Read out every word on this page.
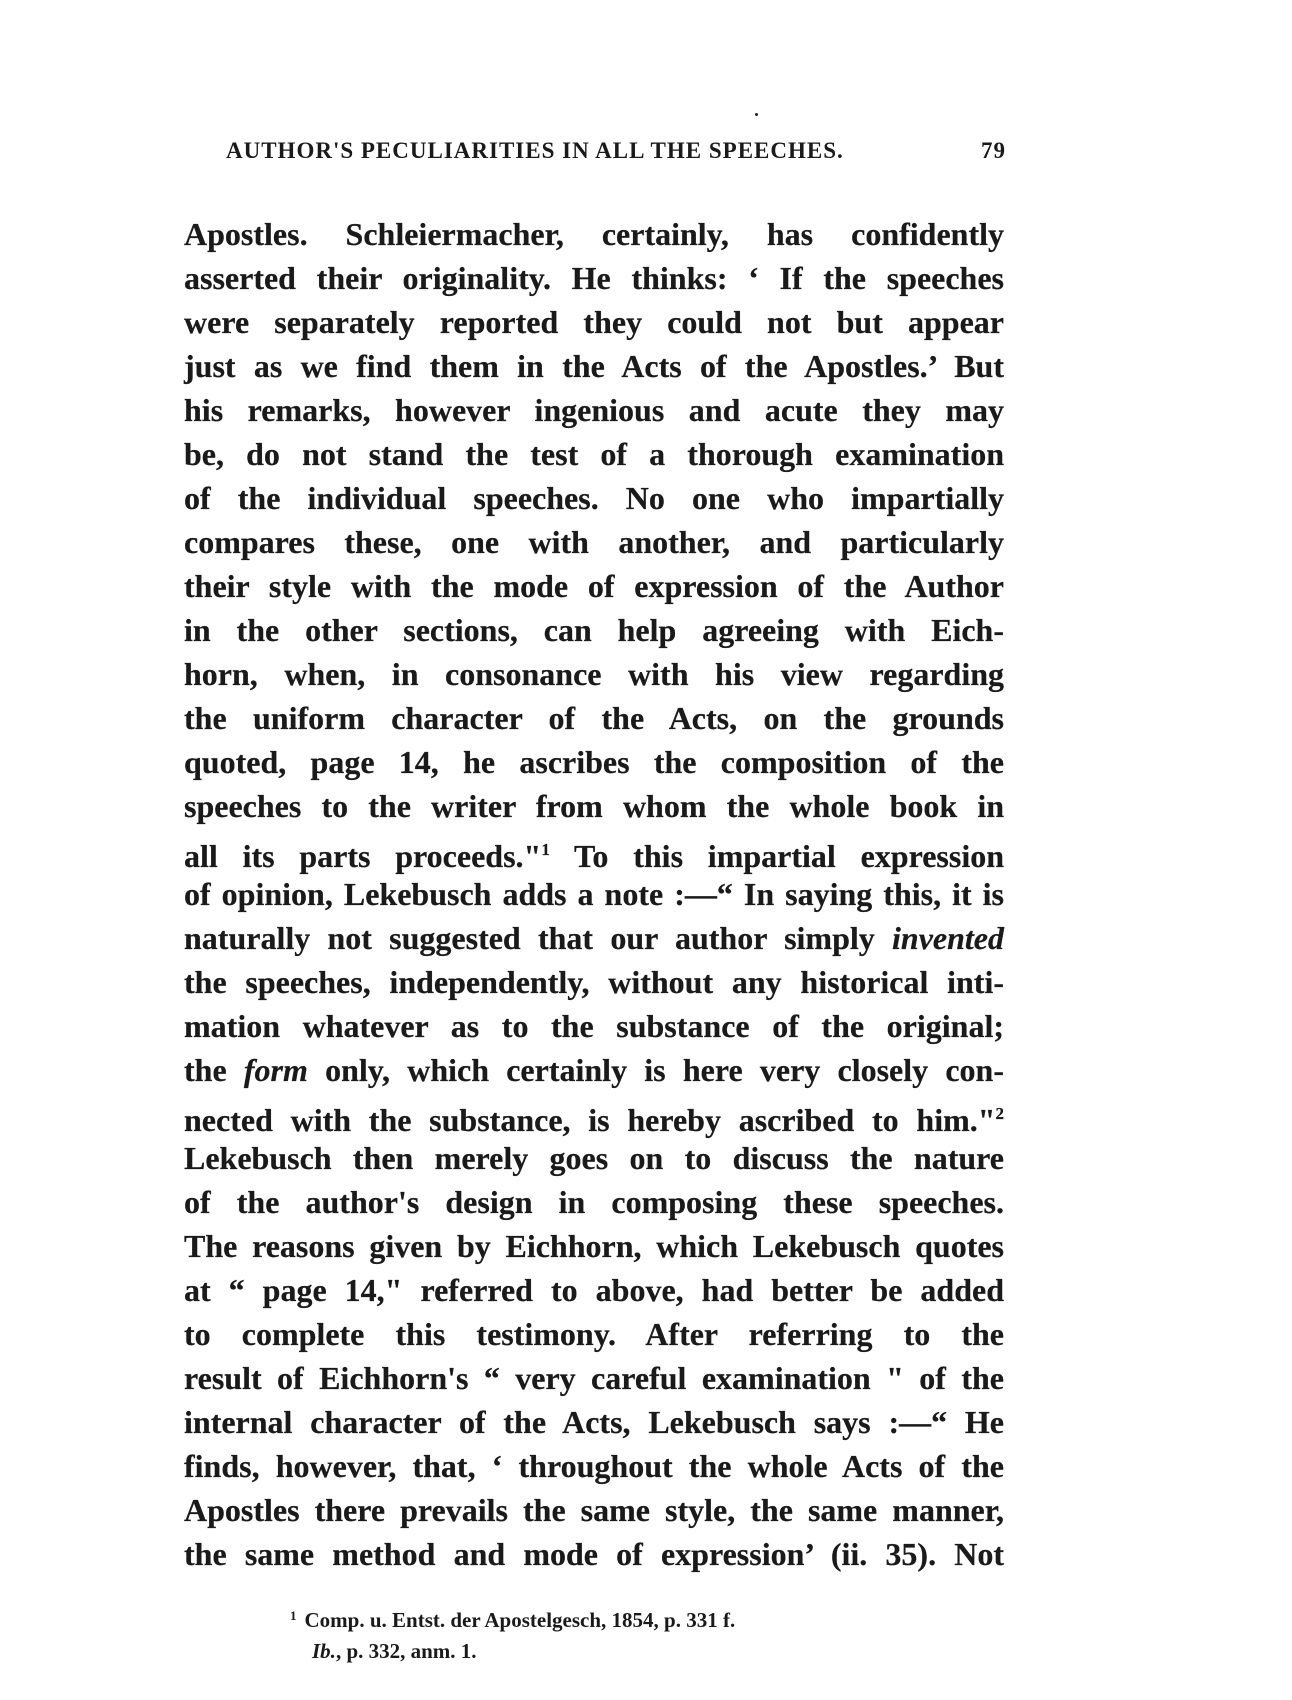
AUTHOR'S PECULIARITIES IN ALL THE SPEECHES.	79
Apostles. Schleiermacher, certainly, has confidently
asserted their originality. He thinks: ‘ If the speeches
were separately reported they could not but appear
just as we find them in the Acts of the Apostles.’ But
his remarks, however ingenious and acute they may
be, do not stand the test of a thorough examination
of the individual speeches. No one who impartially
compares these, one with another, and particularly
their style with the mode of expression of the Author
in the other sections, can help agreeing with Eich-
horn, when, in consonance with his view regarding
the uniform character of the Acts, on the grounds
quoted, page 14, he ascribes the composition of the
speeches to the writer from whom the whole book in
all its parts proceeds."$^1$ To this impartial expression
of opinion, Lekebusch adds a note :—“ In saying this, it is
naturally not suggested that our author simply invented
the speeches, independently, without any historical inti-
mation whatever as to the substance of the original;
the form only, which certainly is here very closely con-
nected with the substance, is hereby ascribed to him."$^2$
Lekebusch then merely goes on to discuss the nature
of the author's design in composing these speeches.
The reasons given by Eichhorn, which Lekebusch quotes
at “ page 14," referred to above, had better be added
to complete this testimony. After referring to the
result of Eichhorn's “ very careful examination " of the
internal character of the Acts, Lekebusch says :—“ He
finds, however, that, ‘ throughout the whole Acts of the
Apostles there prevails the same style, the same manner,
the same method and mode of expression’ (ii. 35). Not
$^1$ Comp. u. Entst. der Apostelgesch, 1854, p. 331 f.
Ib., p. 332, anm. 1.
